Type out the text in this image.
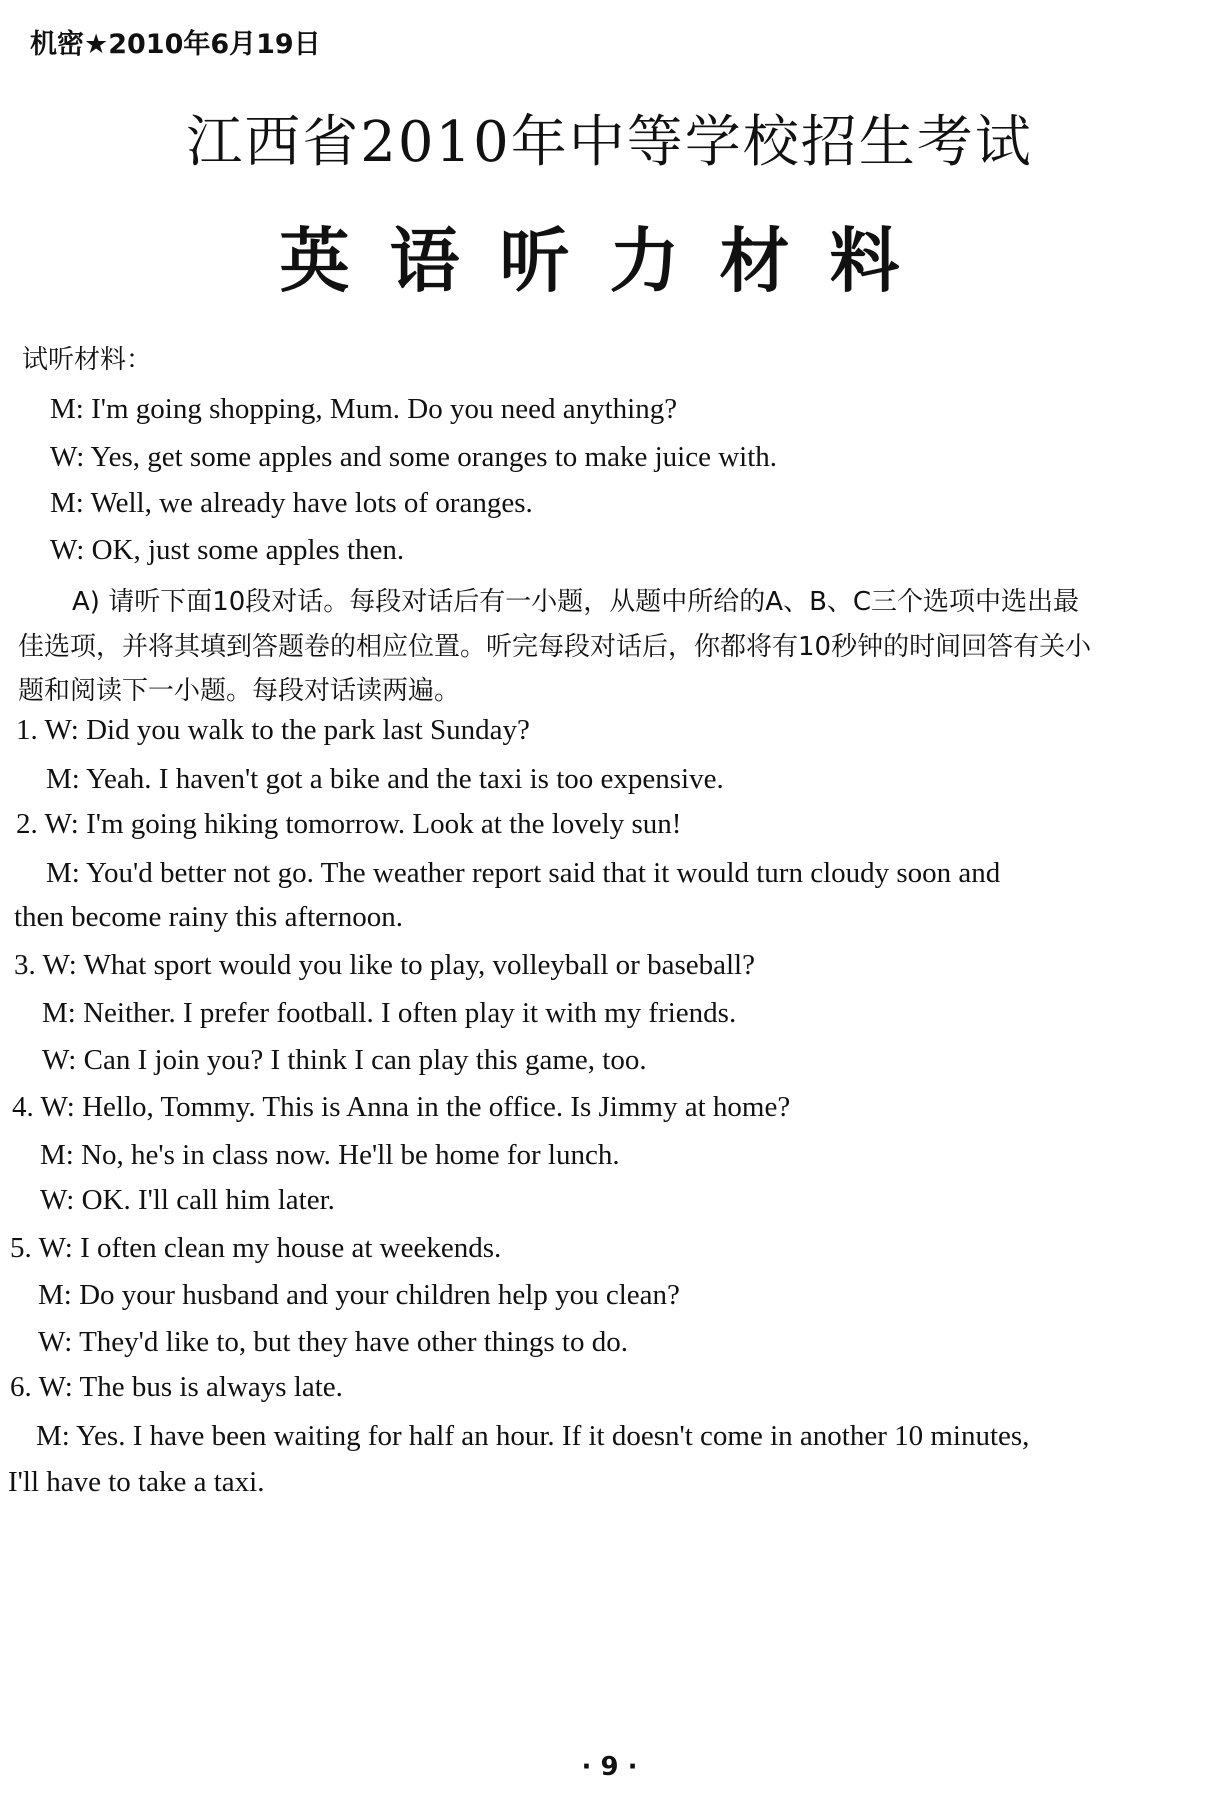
机密★2010年6月19日
江西省2010年中等学校招生考试
英语听力材料
试听材料：
M: I'm going shopping, Mum. Do you need anything?
W: Yes, get some apples and some oranges to make juice with.
M: Well, we already have lots of oranges.
W: OK, just some apples then.
A) 请听下面10段对话。每段对话后有一小题，从题中所给的A、B、C三个选项中选出最
佳选项，并将其填到答题卷的相应位置。听完每段对话后，你都将有10秒钟的时间回答有关小
题和阅读下一小题。每段对话读两遍。
1. W: Did you walk to the park last Sunday?
M: Yeah. I haven't got a bike and the taxi is too expensive.
2. W: I'm going hiking tomorrow. Look at the lovely sun!
M: You'd better not go. The weather report said that it would turn cloudy soon and
then become rainy this afternoon.
3. W: What sport would you like to play, volleyball or baseball?
M: Neither. I prefer football. I often play it with my friends.
W: Can I join you? I think I can play this game, too.
4. W: Hello, Tommy. This is Anna in the office. Is Jimmy at home?
M: No, he's in class now. He'll be home for lunch.
W: OK. I'll call him later.
5. W: I often clean my house at weekends.
M: Do your husband and your children help you clean?
W: They'd like to, but they have other things to do.
6. W: The bus is always late.
M: Yes. I have been waiting for half an hour. If it doesn't come in another 10 minutes,
I'll have to take a taxi.
· 9 ·
